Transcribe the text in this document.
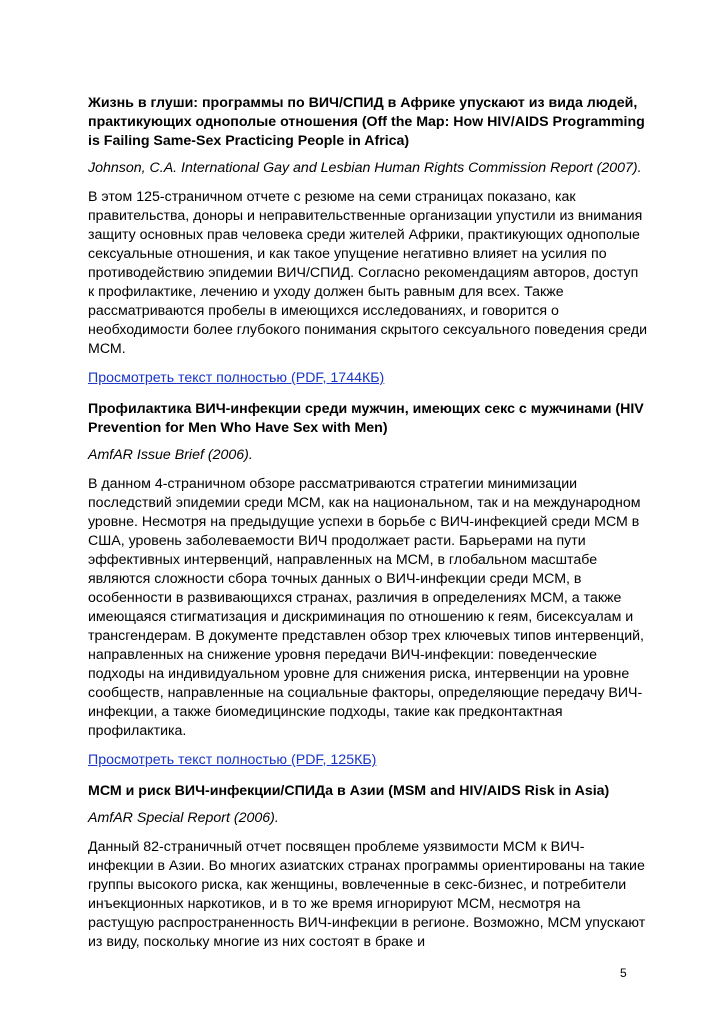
Жизнь в глуши: программы по ВИЧ/СПИД в Африке упускают из вида людей, практикующих однополые отношения (Off the Map: How HIV/AIDS Programming is Failing Same-Sex Practicing People in Africa)

Johnson, C.A. International Gay and Lesbian Human Rights Commission Report (2007).

В этом 125-страничном отчете с резюме на семи страницах показано, как правительства, доноры и неправительственные организации упустили из внимания защиту основных прав человека среди жителей Африки, практикующих однополые сексуальные отношения, и как такое упущение негативно влияет на усилия по противодействию эпидемии ВИЧ/СПИД. Согласно рекомендациям авторов, доступ к профилактике, лечению и уходу должен быть равным для всех. Также рассматриваются пробелы в имеющихся исследованиях, и говорится о необходимости более глубокого понимания скрытого сексуального поведения среди МСМ.

Просмотреть текст полностью (PDF, 1744КБ)

Профилактика ВИЧ-инфекции среди мужчин, имеющих секс с мужчинами (HIV Prevention for Men Who Have Sex with Men)

AmfAR Issue Brief (2006).

В данном 4-страничном обзоре рассматриваются стратегии минимизации последствий эпидемии среди МСМ, как на национальном, так и на международном уровне. Несмотря на предыдущие успехи в борьбе с ВИЧ-инфекцией среди МСМ в США, уровень заболеваемости ВИЧ продолжает расти. Барьерами на пути эффективных интервенций, направленных на МСМ, в глобальном масштабе являются сложности сбора точных данных о ВИЧ-инфекции среди МСМ, в особенности в развивающихся странах, различия в определениях МСМ, а также имеющаяся стигматизация и дискриминация по отношению к геям, бисексуалам и трансгендерам. В документе представлен обзор трех ключевых типов интервенций, направленных на снижение уровня передачи ВИЧ-инфекции: поведенческие подходы на индивидуальном уровне для снижения риска, интервенции на уровне сообществ, направленные на социальные факторы, определяющие передачу ВИЧ-инфекции, а также биомедицинские подходы, такие как предконтактная профилактика.

Просмотреть текст полностью (PDF, 125КБ)

МСМ и риск ВИЧ-инфекции/СПИДа в Азии (MSM and HIV/AIDS Risk in Asia)

AmfAR Special Report (2006).

Данный 82-страничный отчет посвящен проблеме уязвимости МСМ к ВИЧ-инфекции в Азии. Во многих азиатских странах программы ориентированы на такие группы высокого риска, как женщины, вовлеченные в секс-бизнес, и потребители инъекционных наркотиков, и в то же время игнорируют МСМ, несмотря на растущую распространенность ВИЧ-инфекции в регионе. Возможно, МСМ упускают из виду, поскольку многие из них состоят в браке и

5
